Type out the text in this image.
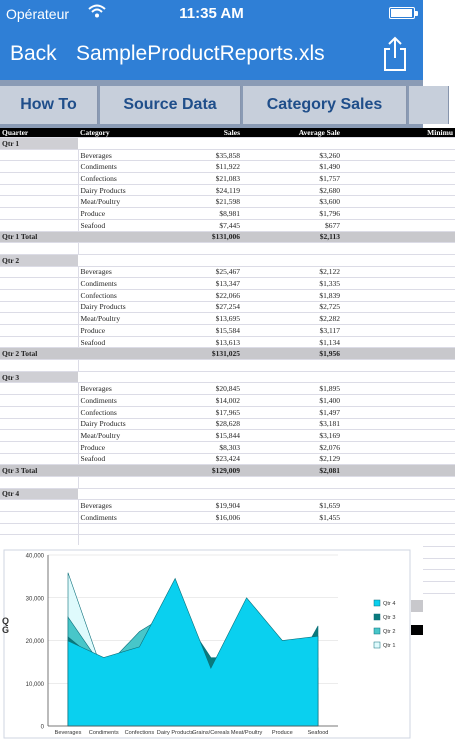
Opérateur	11:35 AM
Back SampleProductReports.xls
How To	Source Data	Category Sales
Quarter	Category	Sales	Average Sale	Minimu
Qtr 1				
	Beverages	$35,858	$3,260	
	Condiments	$11,922	$1,490	
	Confections	$21,083	$1,757	
	Dairy Products	$24,119	$2,680	
	Meat/Poultry	$21,598	$3,600	
	Produce	$8,981	$1,796	
	Seafood	$7,445	$677	
Qtr 1 Total		$131,006	$2,113	

Qtr 2				
	Beverages	$25,467	$2,122	
	Condiments	$13,347	$1,335	
	Confections	$22,066	$1,839	
	Dairy Products	$27,254	$2,725	
	Meat/Poultry	$13,695	$2,282	
	Produce	$15,584	$3,117	
	Seafood	$13,613	$1,134	
Qtr 2 Total		$131,025	$1,956	

Qtr 3				
	Beverages	$20,845	$1,895	
	Condiments	$14,002	$1,400	
	Confections	$17,965	$1,497	
	Dairy Products	$28,628	$3,181	
	Meat/Poultry	$15,844	$3,169	
	Produce	$8,303	$2,076	
	Seafood	$23,424	$2,129	
Qtr 3 Total		$129,009	$2,081	

Qtr 4				
	Beverages	$19,904	$1,659	
	Condiments	$16,006	$1,455	

Q
G
0
10,000
20,000
30,000
40,000
Beverages Condiments Confections Dairy Products
Grains/Cereals Meat/Poultry Produce	Seafood
Qtr 4
Qtr 3
Qtr 2
Qtr 1
